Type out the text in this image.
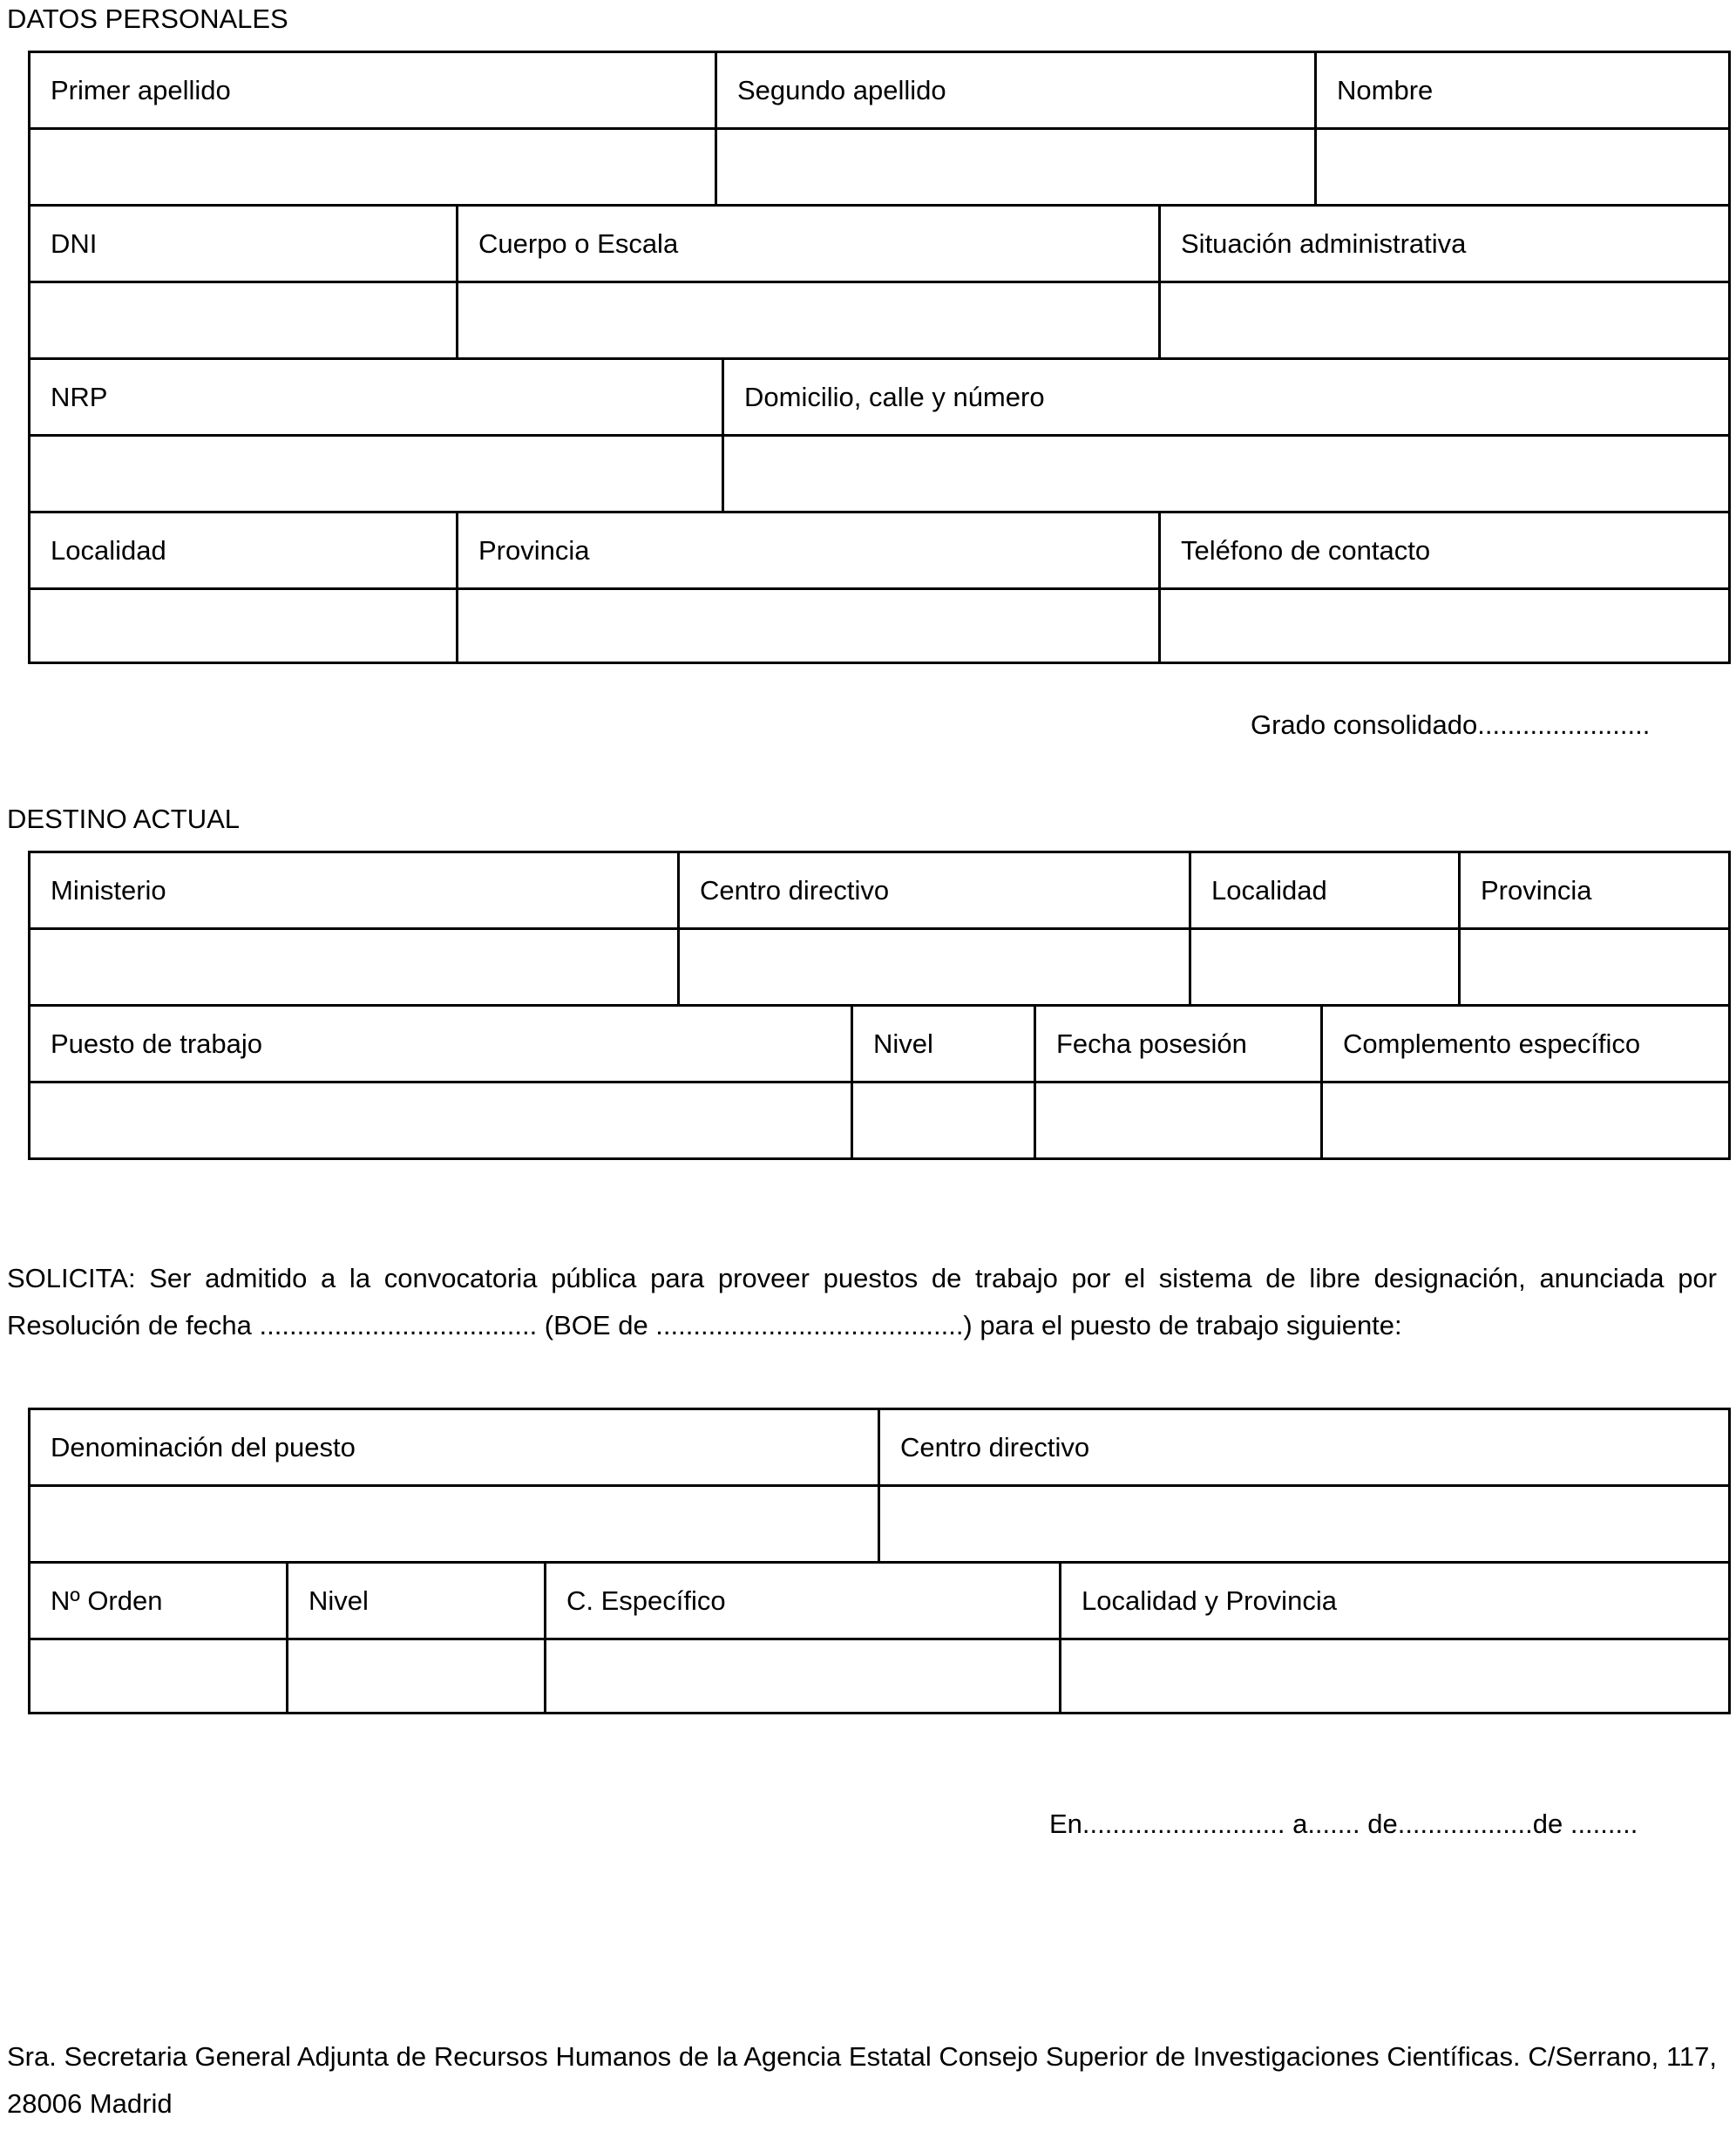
DATOS PERSONALES
Primer apellido	Segundo apellido	Nombre
DNI	Cuerpo o Escala	Situación administrativa
NRP	Domicilio, calle y número
Localidad	Provincia	Teléfono de contacto
Grado consolidado.......................
DESTINO ACTUAL
Ministerio	Centro directivo	Localidad	Provincia
Puesto de trabajo	Nivel	Fecha posesión	Complemento específico
SOLICITA: Ser admitido a la convocatoria pública para proveer puestos de trabajo por el sistema de libre designación, anunciada por Resolución de fecha ..................................... (BOE de .........................................) para el puesto de trabajo siguiente:
Denominación del puesto	Centro directivo
Nº Orden	Nivel	C. Específico	Localidad y Provincia
En........................... a....... de..................de .........
Sra. Secretaria General Adjunta de Recursos Humanos de la Agencia Estatal Consejo Superior de Investigaciones Científicas. C/Serrano, 117, 28006 Madrid
